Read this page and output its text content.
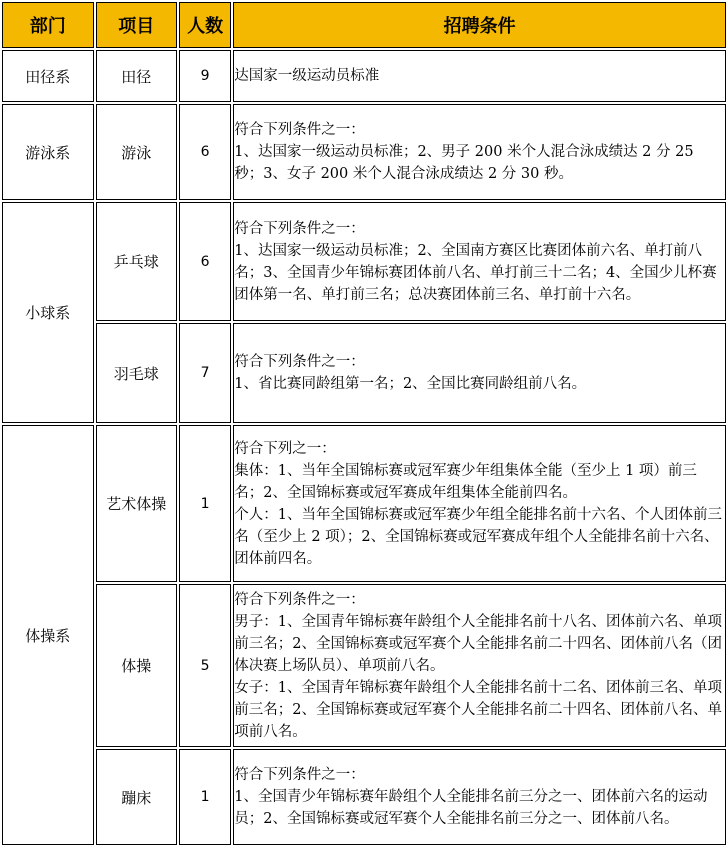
部门	项目	人数	招聘条件
田径系	田径	9	达国家一级运动员标准
游泳系	游泳	6	符合下列条件之一：
1、达国家一级运动员标准；2、男子 200 米个人混合泳成绩达 2 分 25 秒；3、女子 200 米个人混合泳成绩达 2 分 30 秒。
小球系	乒乓球	6	符合下列条件之一：
1、达国家一级运动员标准；2、全国南方赛区比赛团体前六名、单打前八名；3、全国青少年锦标赛团体前八名、单打前三十二名；4、全国少儿杯赛团体第一名、单打前三名；总决赛团体前三名、单打前十六名。
	羽毛球	7	符合下列条件之一：
1、省比赛同龄组第一名；2、全国比赛同龄组前八名。
体操系	艺术体操	1	符合下列之一：
集体：1、当年全国锦标赛或冠军赛少年组集体全能（至少上 1 项）前三名；2、全国锦标赛或冠军赛成年组集体全能前四名。
个人：1、当年全国锦标赛或冠军赛少年组全能排名前十六名、个人团体前三名（至少上 2 项）；2、全国锦标赛或冠军赛成年组个人全能排名前十六名、团体前四名。
	体操	5	符合下列条件之一：
男子：1、全国青年锦标赛年龄组个人全能排名前十八名、团体前六名、单项前三名；2、全国锦标赛或冠军赛个人全能排名前二十四名、团体前八名（团体决赛上场队员）、单项前八名。
女子：1、全国青年锦标赛年龄组个人全能排名前十二名、团体前三名、单项前三名；2、全国锦标赛或冠军赛个人全能排名前二十四名、团体前八名、单项前八名。
	蹦床	1	符合下列条件之一：
1、全国青少年锦标赛年龄组个人全能排名前三分之一、团体前六名的运动员；2、全国锦标赛或冠军赛个人全能排名前三分之一、团体前八名。
